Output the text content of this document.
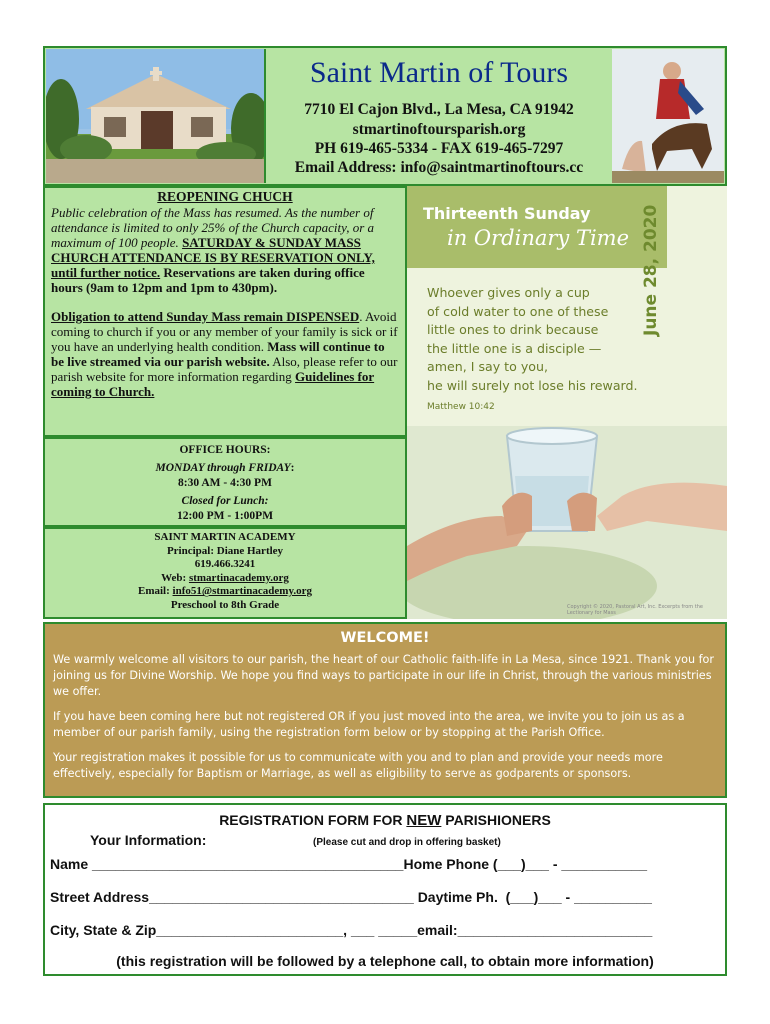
Saint Martin of Tours
7710 El Cajon Blvd., La Mesa, CA 91942
stmartinoftoursparish.org
PH 619-465-5334 - FAX 619-465-7297
Email Address: info@saintmartinoftours.cc
REOPENING CHUCH

Public celebration of the Mass has resumed. As the number of attendance is limited to only 25% of the Church capacity, or a maximum of 100 people. SATURDAY & SUNDAY MASS CHURCH ATTENDANCE IS BY RESERVATION ONLY, until further notice. Reservations are taken during office hours (9am to 12pm and 1pm to 430pm).

Obligation to attend Sunday Mass remain DISPENSED. Avoid coming to church if you or any member of your family is sick or if you have an underlying health condition. Mass will continue to be live streamed via our parish website. Also, please refer to our parish website for more information regarding Guidelines for coming to Church.

OFFICE HOURS:
MONDAY through FRIDAY:
8:30 AM - 4:30 PM
Closed for Lunch:
12:00 PM - 1:00PM
SAINT MARTIN ACADEMY
Principal: Diane Hartley
619.466.3241
Web: stmartinacademy.org
Email: info51@stmartinacademy.org
Preschool to 8th Grade
Thirteenth Sunday
in Ordinary Time June 28, 2020
Whoever gives only a cup
of cold water to one of these
little ones to drink because
the little one is a disciple —
amen, I say to you,
he will surely not lose his reward.
Matthew 10:42
Copyright © 2020, Pastoral Art, Inc. Excerpts from the Lectionary for Mass
WELCOME!

We warmly welcome all visitors to our parish, the heart of our Catholic faith-life in La Mesa, since 1921. Thank you for joining us for Divine Worship. We hope you find ways to participate in our life in Christ, through the various ministries we offer.

If you have been coming here but not registered OR if you just moved into the area, we invite you to join us as a member of our parish family, using the registration form below or by stopping at the Parish Office.

Your registration makes it possible for us to communicate with you and to plan and provide your needs more effectively, especially for Baptism or Marriage, as well as eligibility to serve as godparents or sponsors.

REGISTRATION FORM FOR NEW PARISHIONERS
Your Information:	(Please cut and drop in offering basket)
Name ________________________________________Home Phone (___)___ - ___________
Street Address__________________________________ Daytime Ph.  (___)___ - __________
City, State & Zip________________________, ___ _____email:_________________________
(this registration will be followed by a telephone call, to obtain more information)
